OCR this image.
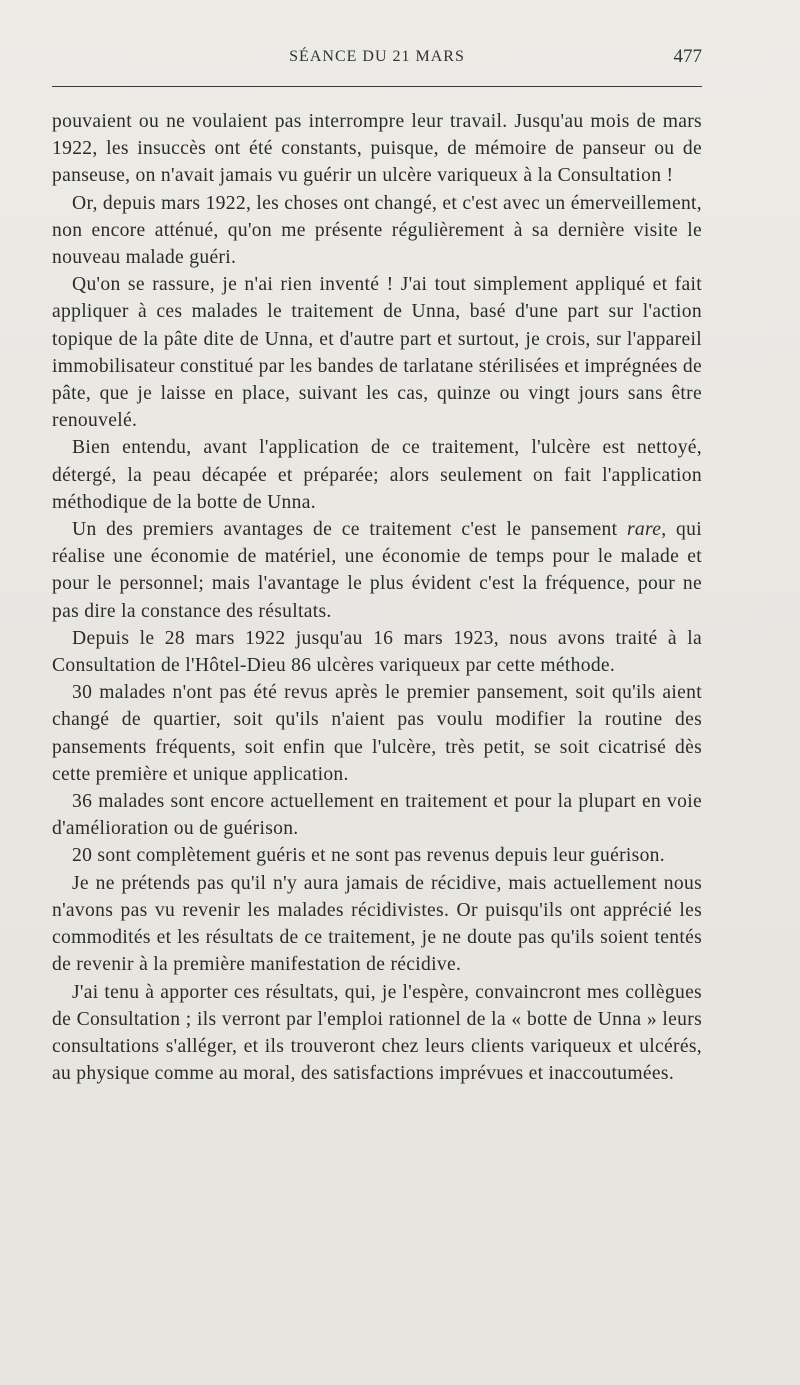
SÉANCE DU 21 MARS	477

pouvaient ou ne voulaient pas interrompre leur travail. Jusqu'au mois de mars 1922, les insuccès ont été constants, puisque, de mémoire de panseur ou de panseuse, on n'avait jamais vu guérir un ulcère variqueux à la Consultation !

Or, depuis mars 1922, les choses ont changé, et c'est avec un émerveillement, non encore atténué, qu'on me présente régulièrement à sa dernière visite le nouveau malade guéri.

Qu'on se rassure, je n'ai rien inventé ! J'ai tout simplement appliqué et fait appliquer à ces malades le traitement de Unna, basé d'une part sur l'action topique de la pâte dite de Unna, et d'autre part et surtout, je crois, sur l'appareil immobilisateur constitué par les bandes de tarlatane stérilisées et imprégnées de pâte, que je laisse en place, suivant les cas, quinze ou vingt jours sans être renouvelé.

Bien entendu, avant l'application de ce traitement, l'ulcère est nettoyé, détergé, la peau décapée et préparée; alors seulement on fait l'application méthodique de la botte de Unna.

Un des premiers avantages de ce traitement c'est le pansement rare, qui réalise une économie de matériel, une économie de temps pour le malade et pour le personnel; mais l'avantage le plus évident c'est la fréquence, pour ne pas dire la constance des résultats.

Depuis le 28 mars 1922 jusqu'au 16 mars 1923, nous avons traité à la Consultation de l'Hôtel-Dieu 86 ulcères variqueux par cette méthode.

30 malades n'ont pas été revus après le premier pansement, soit qu'ils aient changé de quartier, soit qu'ils n'aient pas voulu modifier la routine des pansements fréquents, soit enfin que l'ulcère, très petit, se soit cicatrisé dès cette première et unique application.

36 malades sont encore actuellement en traitement et pour la plupart en voie d'amélioration ou de guérison.

20 sont complètement guéris et ne sont pas revenus depuis leur guérison.

Je ne prétends pas qu'il n'y aura jamais de récidive, mais actuellement nous n'avons pas vu revenir les malades récidivistes. Or puisqu'ils ont apprécié les commodités et les résultats de ce traitement, je ne doute pas qu'ils soient tentés de revenir à la première manifestation de récidive.

J'ai tenu à apporter ces résultats, qui, je l'espère, convaincront mes collègues de Consultation ; ils verront par l'emploi rationnel de la « botte de Unna » leurs consultations s'alléger, et ils trouveront chez leurs clients variqueux et ulcérés, au physique comme au moral, des satisfactions imprévues et inaccoutumées.
